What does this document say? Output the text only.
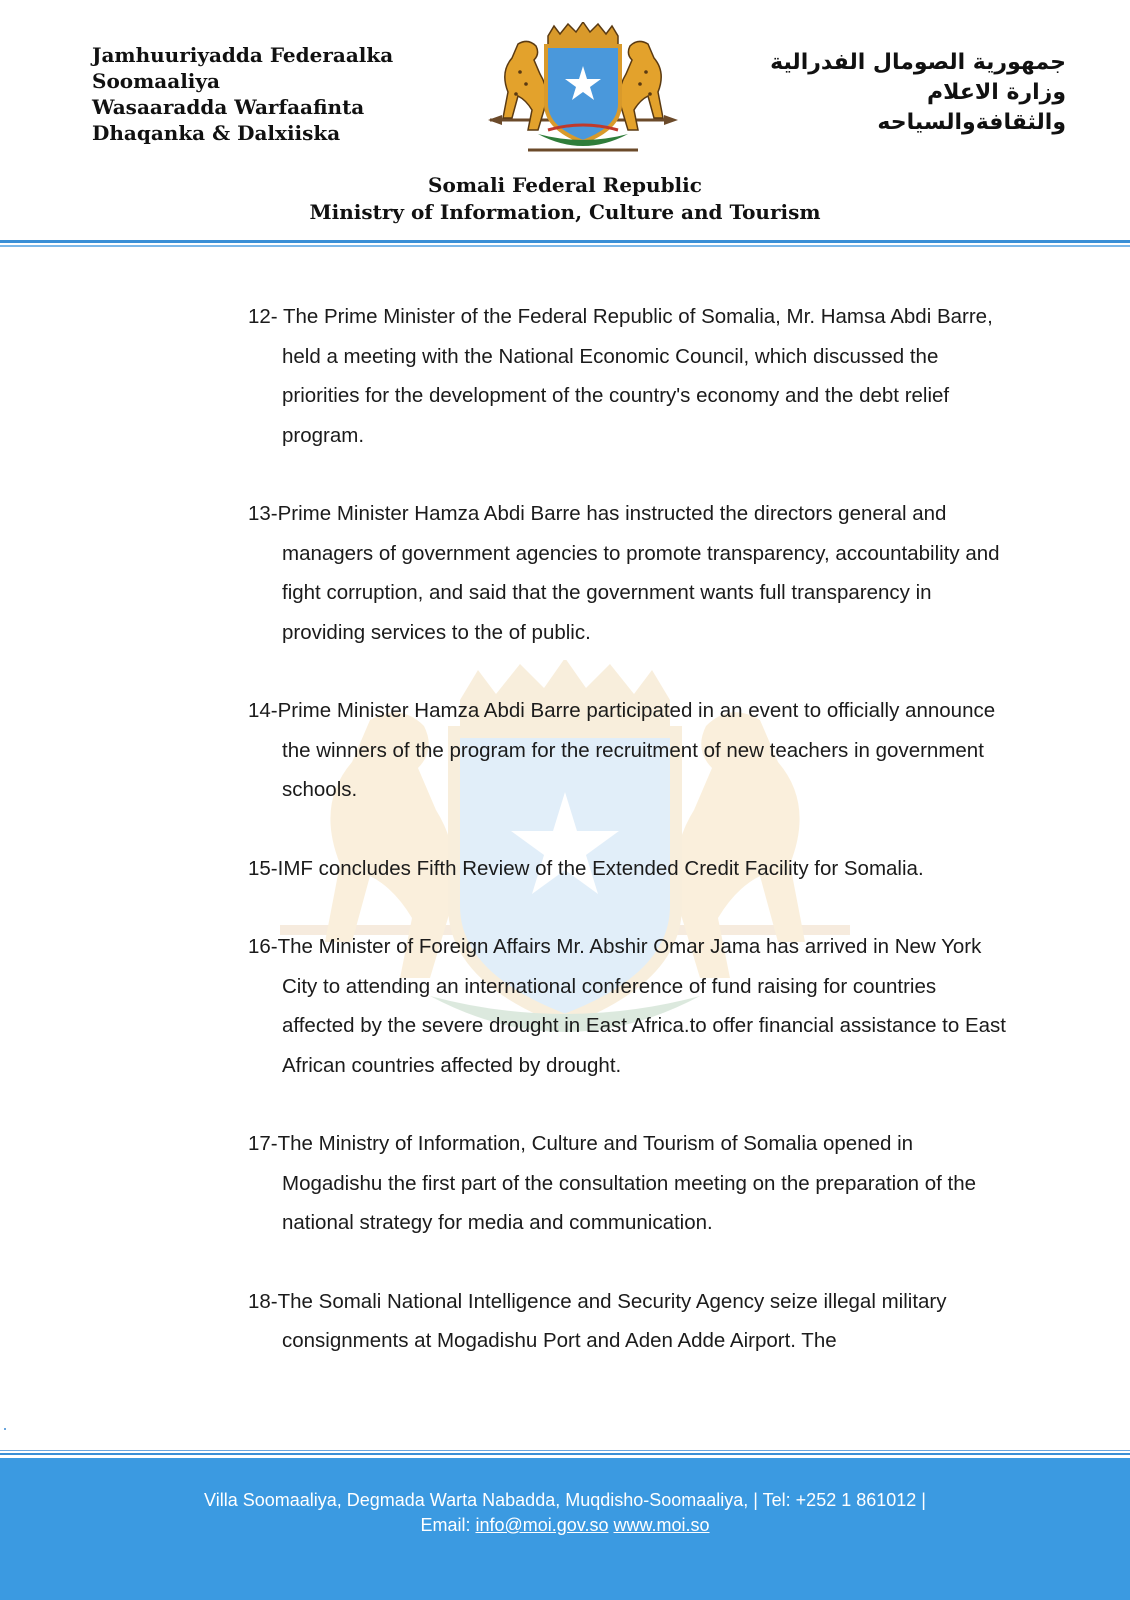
Jamhuuriyadda Federaalka
Soomaaliya
Wasaaradda Warfaafinta
Dhaqanka & Dalxiiska
جمهورية الصومال الفدرالية
وزارة الاعلام
والثقافةوالسياحه
Somali Federal Republic
Ministry of Information, Culture and Tourism

12- The Prime Minister of the Federal Republic of Somalia, Mr. Hamsa Abdi Barre, held a meeting with the National Economic Council, which discussed the priorities for the development of the country's economy and the debt relief program.

13-Prime Minister Hamza Abdi Barre has instructed the directors general and managers of government agencies to promote transparency, accountability and fight corruption, and said that the government wants full transparency in providing services to the of public.

14-Prime Minister Hamza Abdi Barre participated in an event to officially announce the winners of the program for the recruitment of new teachers in government schools.

15-IMF concludes Fifth Review of the Extended Credit Facility for Somalia.

16-The Minister of Foreign Affairs Mr. Abshir Omar Jama has arrived in New York City to attending an international conference of fund raising for countries affected by the severe drought in East Africa.to offer financial assistance to East African countries affected by drought.

17-The Ministry of Information, Culture and Tourism of Somalia opened in Mogadishu the first part of the consultation meeting on the preparation of the national strategy for media and communication.

18-The Somali National Intelligence and Security Agency seize illegal military consignments at Mogadishu Port and Aden Adde Airport. The

Villa Soomaaliya, Degmada Warta Nabadda, Muqdisho-Soomaaliya, | Tel: +252 1 861012 |
Email: info@moi.gov.so www.moi.so
